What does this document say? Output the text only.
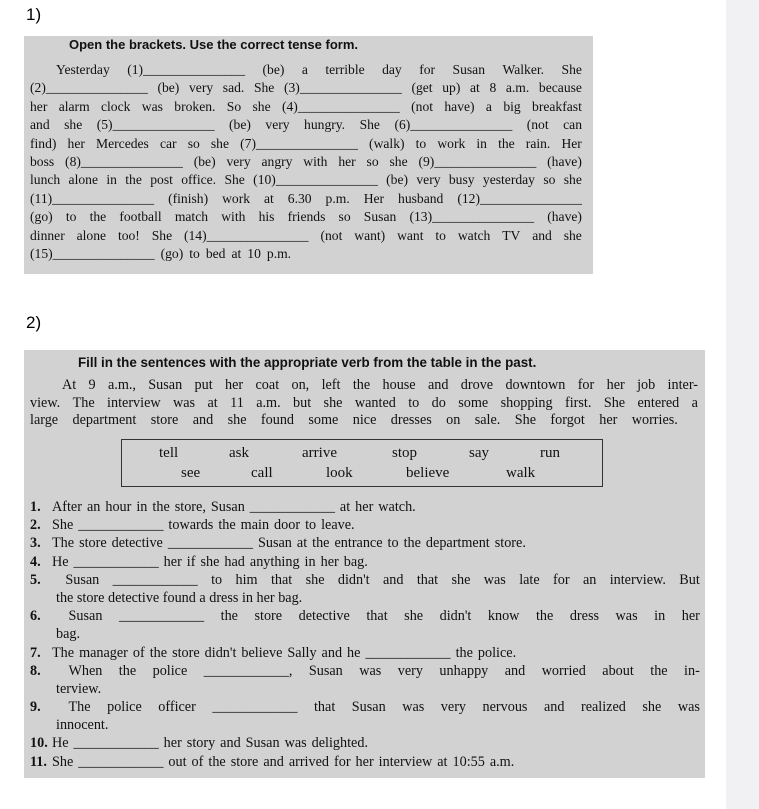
1)
Open the brackets. Use the correct tense form.
Yesterday (1)_______________ (be) a terrible day for Susan Walker. She
(2)_______________ (be) very sad. She (3)_______________ (get up) at 8 a.m. because
her alarm clock was broken. So she (4)_______________ (not have) a big breakfast
and she (5)_______________ (be) very hungry. She (6)_______________ (not can
find) her Mercedes car so she (7)_______________ (walk) to work in the rain. Her
boss (8)_______________ (be) very angry with her so she (9)_______________ (have)
lunch alone in the post office. She (10)_______________ (be) very busy yesterday so she
(11)_______________ (finish) work at 6.30 p.m. Her husband (12)_______________
(go) to the football match with his friends so Susan (13)_______________ (have)
dinner alone too! She (14)_______________ (not want) want to watch TV and she
(15)_______________ (go) to bed at 10 p.m.
2)
Fill in the sentences with the appropriate verb from the table in the past.
At 9 a.m., Susan put her coat on, left the house and drove downtown for her job inter-
view. The interview was at 11 a.m. but she wanted to do some shopping first. She entered a
large department store and she found some nice dresses on sale. She forgot her worries.
tell	ask	arrive	stop	say	run
see	call	look	believe	walk
1. After an hour in the store, Susan ____________ at her watch.
2. She ____________ towards the main door to leave.
3. The store detective ____________ Susan at the entrance to the department store.
4. He ____________ her if she had anything in her bag.
5.	Susan ____________ to him that she didn't and that she was late for an interview. But
the store detective found a dress in her bag.
6.	Susan ____________ the store detective that she didn't know the dress was in her
bag.
7. The manager of the store didn't believe Sally and he ____________ the police.
8.	When the police ____________, Susan was very unhappy and worried about the in-
terview.
9.	The police officer ____________ that Susan was very nervous and realized she was
innocent.
10. He ____________ her story and Susan was delighted.
11. She ____________ out of the store and arrived for her interview at 10:55 a.m.
